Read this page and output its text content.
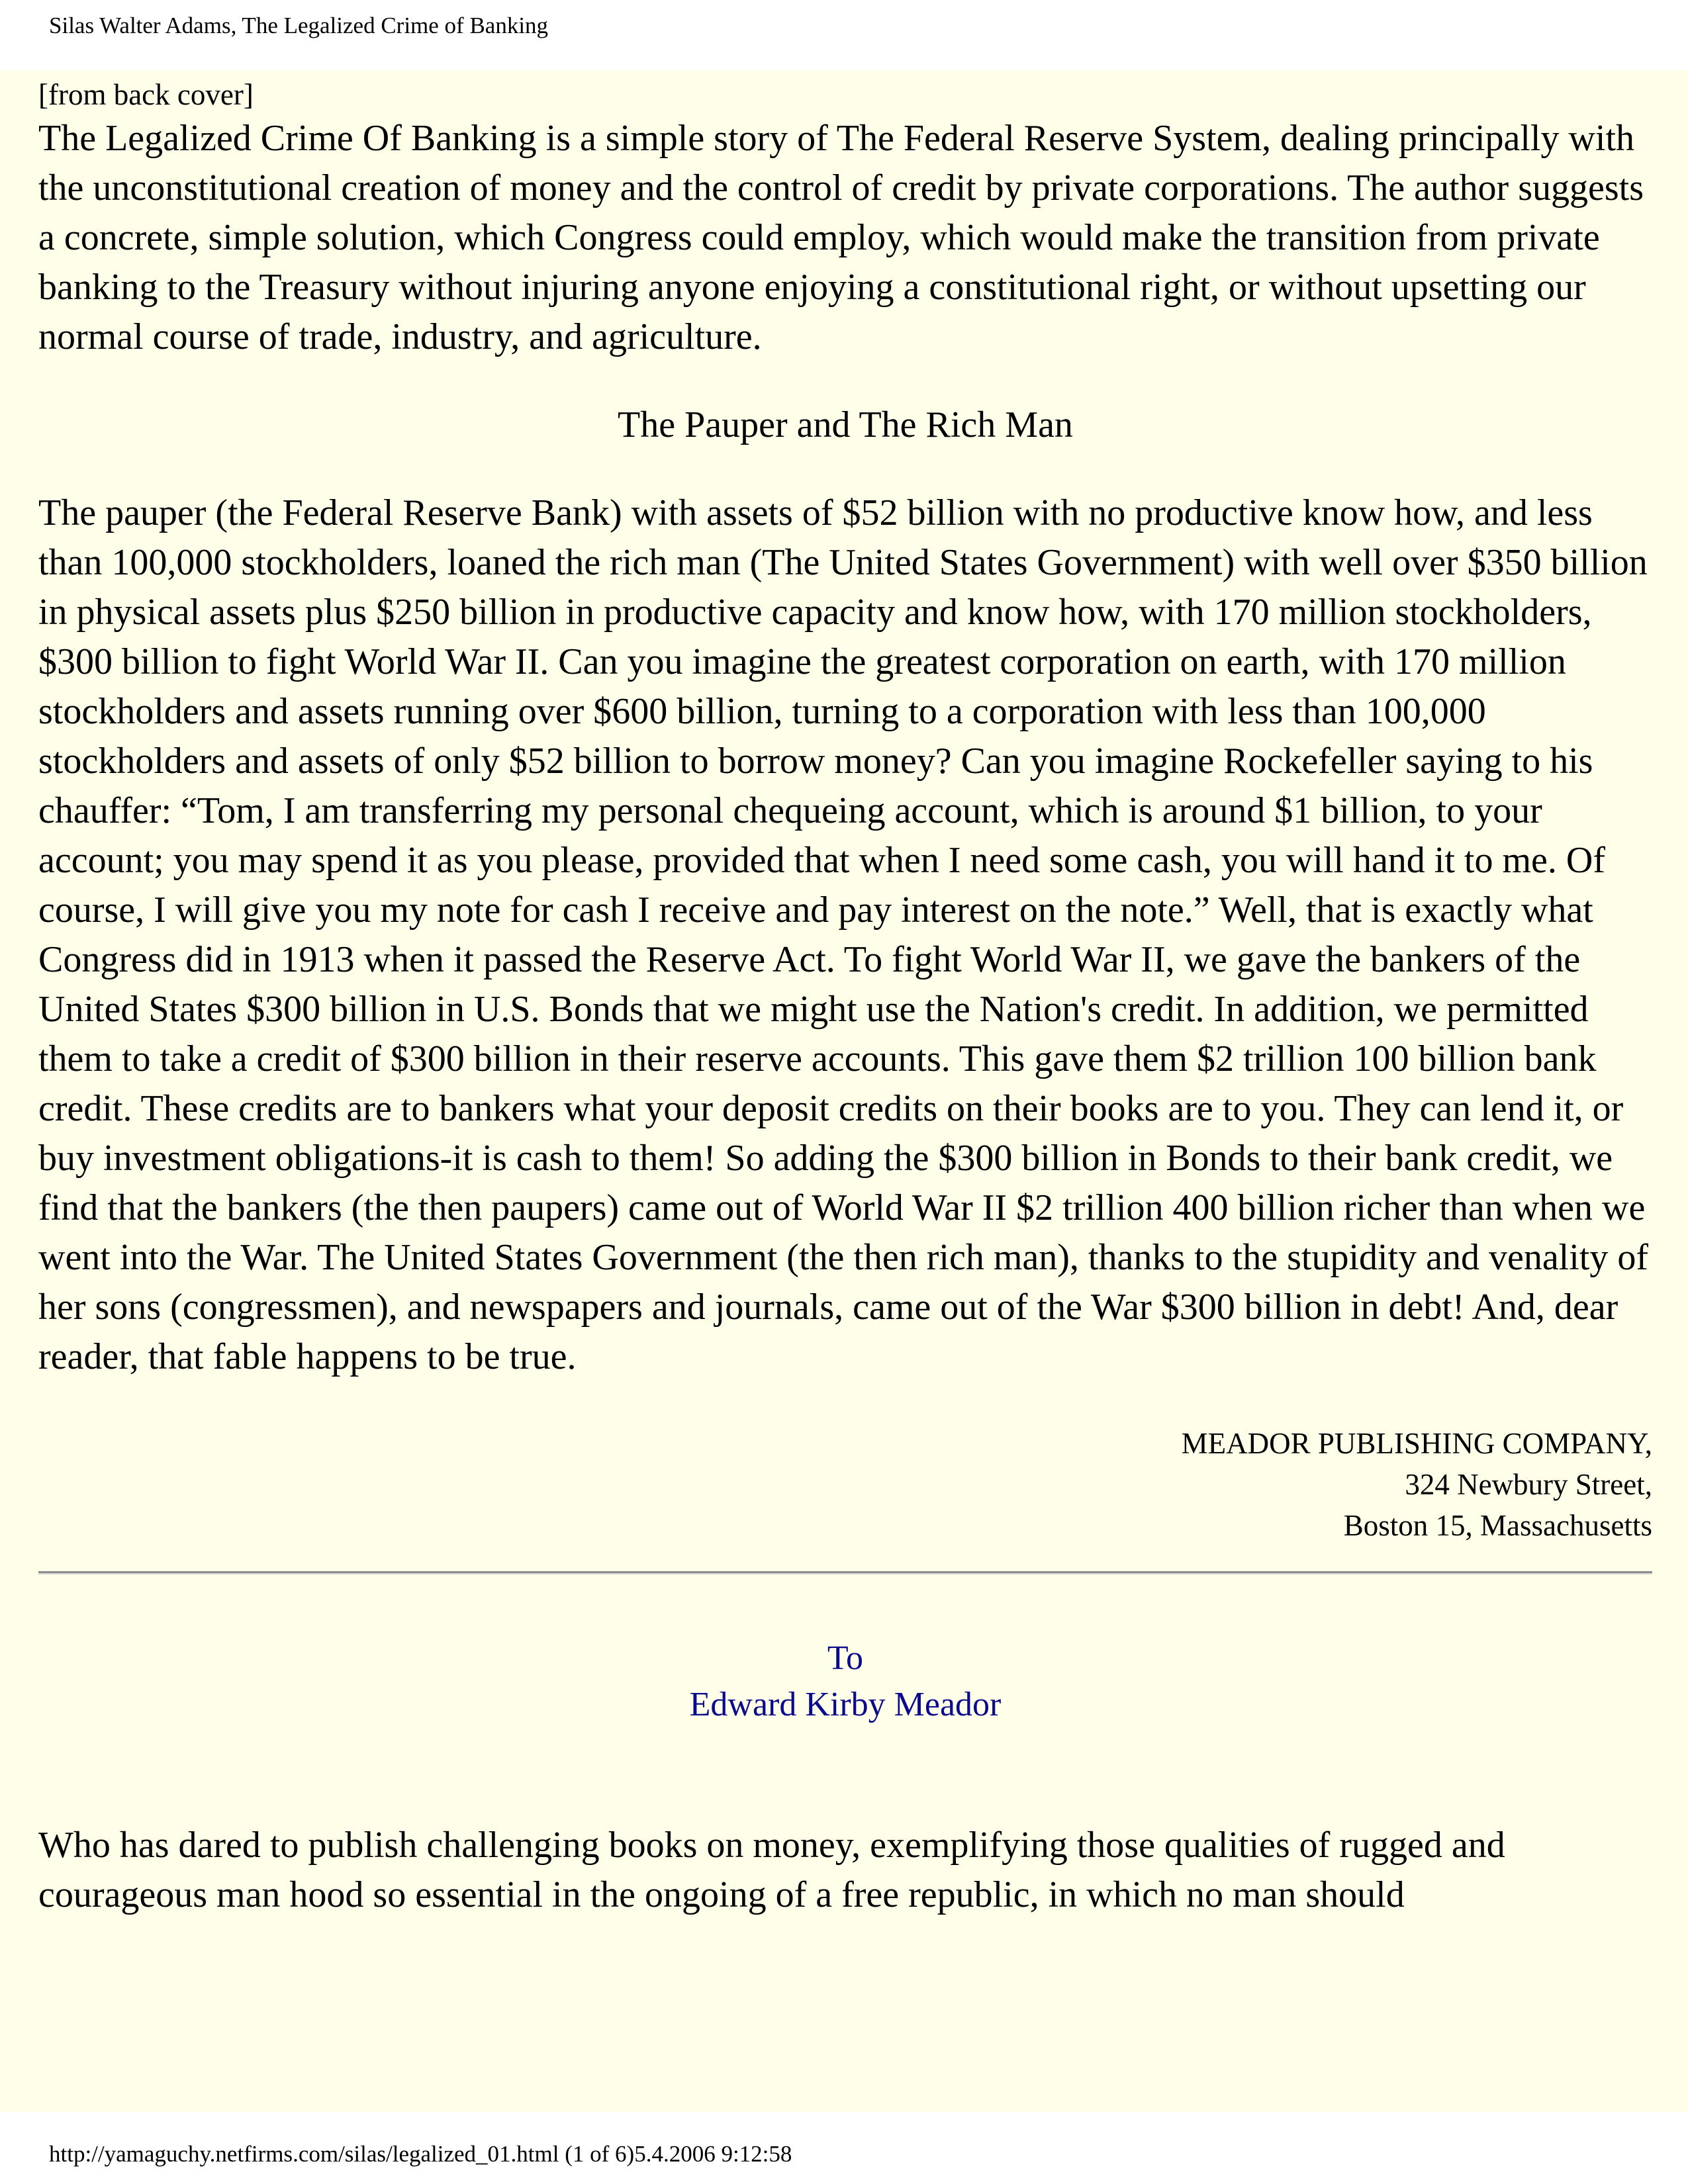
Silas Walter Adams, The Legalized Crime of Banking

[from back cover]

The Legalized Crime Of Banking is a simple story of The Federal Reserve System, dealing principally with the unconstitutional creation of money and the control of credit by private corporations. The author suggests a concrete, simple solution, which Congress could employ, which would make the transition from private banking to the Treasury without injuring anyone enjoying a constitutional right, or without upsetting our normal course of trade, industry, and agriculture.

The Pauper and The Rich Man

The pauper (the Federal Reserve Bank) with assets of $52 billion with no productive know how, and less than 100,000 stockholders, loaned the rich man (The United States Government) with well over $350 billion in physical assets plus $250 billion in productive capacity and know how, with 170 million stockholders, $300 billion to fight World War II. Can you imagine the greatest corporation on earth, with 170 million stockholders and assets running over $600 billion, turning to a corporation with less than 100,000 stockholders and assets of only $52 billion to borrow money? Can you imagine Rockefeller saying to his chauffer: “Tom, I am transferring my personal chequeing account, which is around $1 billion, to your account; you may spend it as you please, provided that when I need some cash, you will hand it to me. Of course, I will give you my note for cash I receive and pay interest on the note.” Well, that is exactly what Congress did in 1913 when it passed the Reserve Act. To fight World War II, we gave the bankers of the United States $300 billion in U.S. Bonds that we might use the Nation's credit. In addition, we permitted them to take a credit of $300 billion in their reserve accounts. This gave them $2 trillion 100 billion bank credit. These credits are to bankers what your deposit credits on their books are to you. They can lend it, or buy investment obligations-it is cash to them! So adding the $300 billion in Bonds to their bank credit, we find that the bankers (the then paupers) came out of World War II $2 trillion 400 billion richer than when we went into the War. The United States Government (the then rich man), thanks to the stupidity and venality of her sons (congressmen), and newspapers and journals, came out of the War $300 billion in debt! And, dear reader, that fable happens to be true.

MEADOR PUBLISHING COMPANY,
324 Newbury Street,
Boston 15, Massachusetts
To
Edward Kirby Meador

Who has dared to publish challenging books on money, exemplifying those qualities of rugged and courageous man hood so essential in the ongoing of a free republic, in which no man should

http://yamaguchy.netfirms.com/silas/legalized_01.html (1 of 6)5.4.2006 9:12:58
